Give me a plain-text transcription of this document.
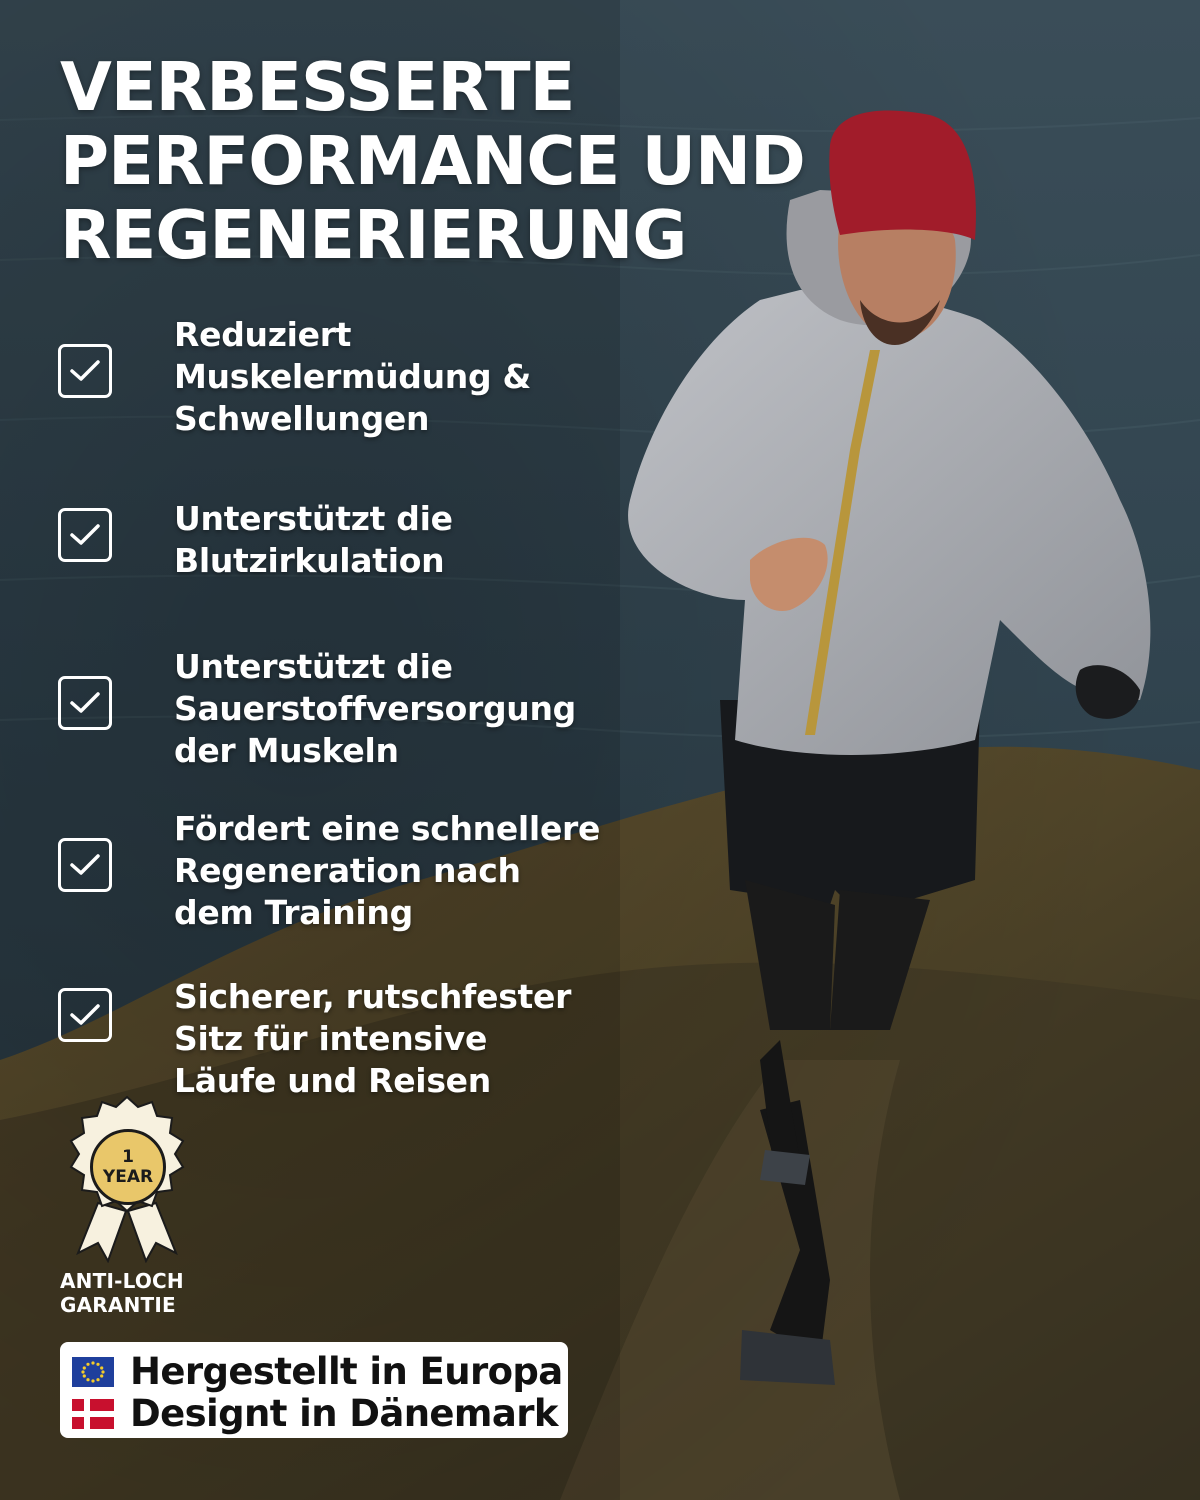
VERBESSERTE
PERFORMANCE UND
REGENERIERUNG
Reduziert
Muskelermüdung &
Schwellungen
Unterstützt die
Blutzirkulation
Unterstützt die
Sauerstoffversorgung
der Muskeln
Fördert eine schnellere
Regeneration nach
dem Training
Sicherer, rutschfester
Sitz für intensive
Läufe und Reisen
1
YEAR
ANTI-LOCH
GARANTIE
Hergestellt in Europa
Designt in Dänemark
